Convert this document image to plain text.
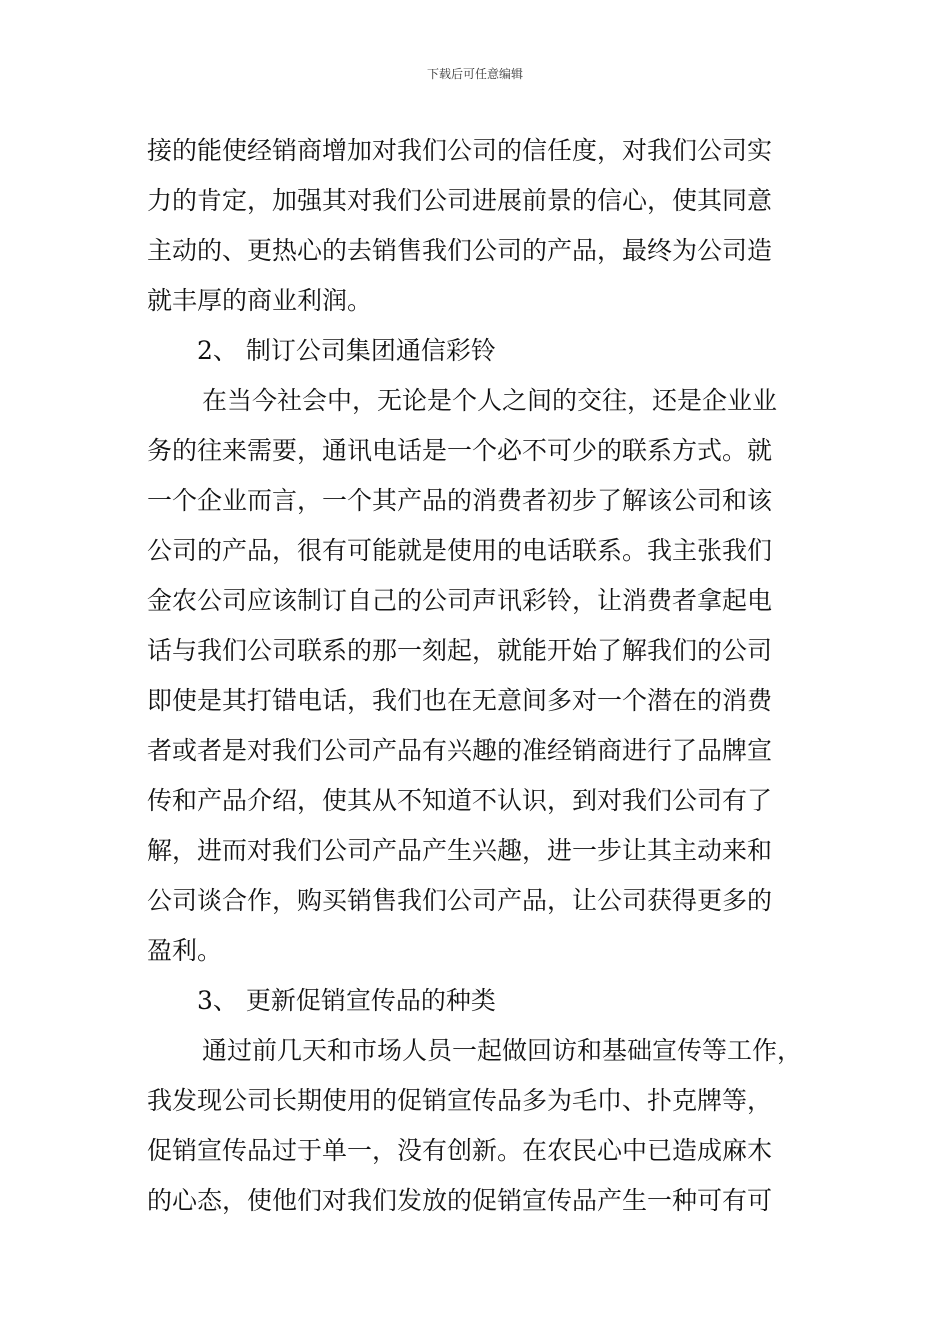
下载后可任意编辑
接的能使经销商增加对我们公司的信任度，对我们公司实
力的肯定，加强其对我们公司进展前景的信心，使其同意
主动的、更热心的去销售我们公司的产品，最终为公司造
就丰厚的商业利润。
2、 制订公司集团通信彩铃
在当今社会中，无论是个人之间的交往，还是企业业
务的往来需要，通讯电话是一个必不可少的联系方式。就
一个企业而言，一个其产品的消费者初步了解该公司和该
公司的产品，很有可能就是使用的电话联系。我主张我们
金农公司应该制订自己的公司声讯彩铃，让消费者拿起电
话与我们公司联系的那一刻起，就能开始了解我们的公司
即使是其打错电话，我们也在无意间多对一个潜在的消费
者或者是对我们公司产品有兴趣的准经销商进行了品牌宣
传和产品介绍，使其从不知道不认识，到对我们公司有了
解，进而对我们公司产品产生兴趣，进一步让其主动来和
公司谈合作，购买销售我们公司产品，让公司获得更多的
盈利。
3、 更新促销宣传品的种类
通过前几天和市场人员一起做回访和基础宣传等工作，
我发现公司长期使用的促销宣传品多为毛巾、扑克牌等，
促销宣传品过于单一，没有创新。在农民心中已造成麻木
的心态，使他们对我们发放的促销宣传品产生一种可有可
